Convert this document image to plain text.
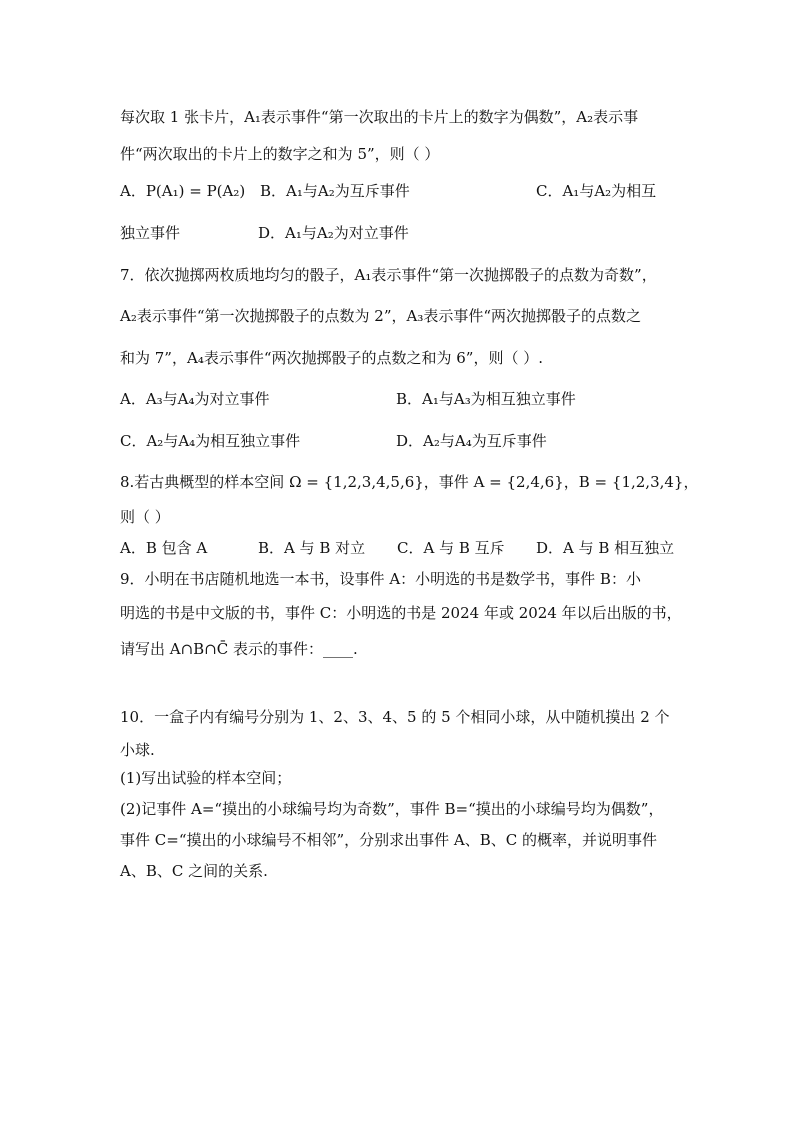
每次取 1 张卡片，A₁表示事件“第一次取出的卡片上的数字为偶数”，A₂表示事
件“两次取出的卡片上的数字之和为 5”，则（ ）
A．P(A₁) = P(A₂) B．A₁与A₂为互斥事件	C．A₁与A₂为相互
独立事件	D．A₁与A₂为对立事件
7．依次抛掷两枚质地均匀的骰子，A₁表示事件“第一次抛掷骰子的点数为奇数”，
A₂表示事件“第一次抛掷骰子的点数为 2”，A₃表示事件“两次抛掷骰子的点数之
和为 7”，A₄表示事件“两次抛掷骰子的点数之和为 6”，则（ ）.
A．A₃与A₄为对立事件	B．A₁与A₃为相互独立事件
C．A₂与A₄为相互独立事件	D．A₂与A₄为互斥事件
8.若古典概型的样本空间 Ω = {1,2,3,4,5,6}，事件 A = {2,4,6}，B = {1,2,3,4}，
则（ ）
A．B 包含 A	B．A 与 B 对立 C．A 与 B 互斥 D．A 与 B 相互独立
9．小明在书店随机地选一本书，设事件 A：小明选的书是数学书，事件 B：小
明选的书是中文版的书，事件 C：小明选的书是 2024 年或 2024 年以后出版的书，
请写出 A∩B∩C̄ 表示的事件：____.
10．一盒子内有编号分别为 1、2、3、4、5 的 5 个相同小球，从中随机摸出 2 个
小球.
(1)写出试验的样本空间；
(2)记事件 A=“摸出的小球编号均为奇数”，事件 B=“摸出的小球编号均为偶数”，
事件 C=“摸出的小球编号不相邻”，分别求出事件 A、B、C 的概率，并说明事件
A、B、C 之间的关系.
